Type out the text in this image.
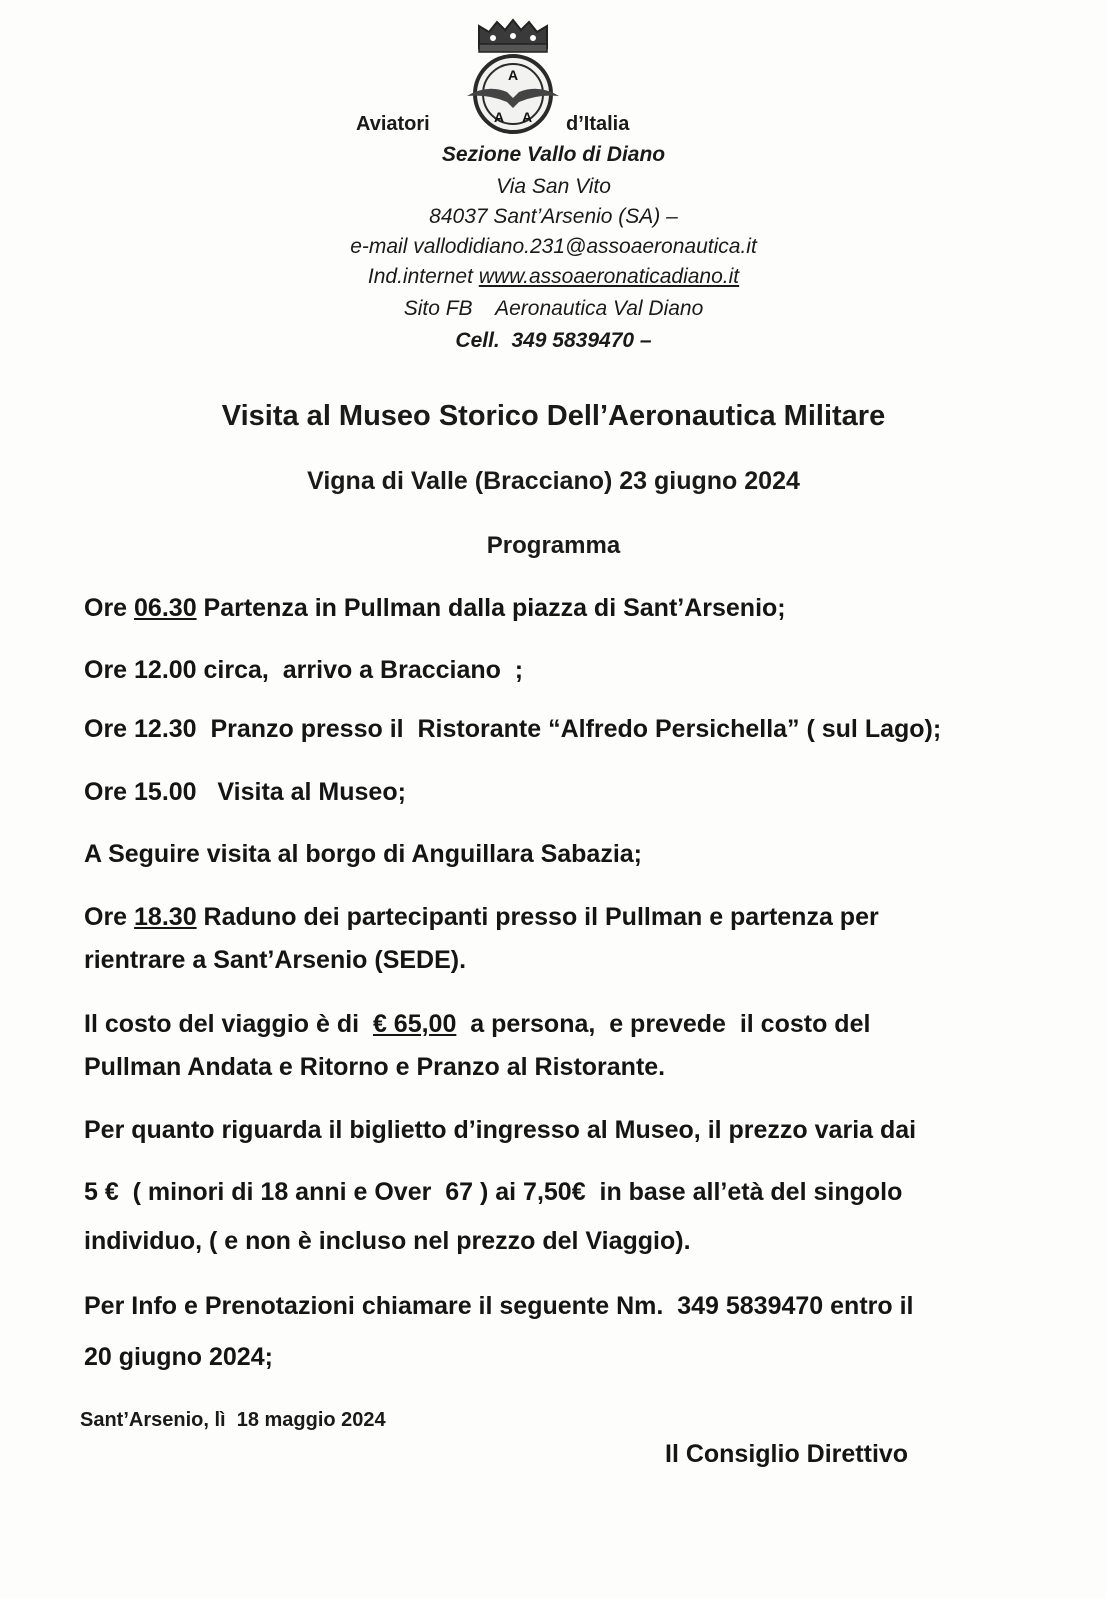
A
A A
Aviatori	d’Italia
Sezione Vallo di Diano
Via San Vito
84037 Sant’Arsenio (SA) –
e-mail vallodidiano.231@assoaeronautica.it
Ind.internet www.assoaeronaticadiano.it
Sito FB Aeronautica Val Diano
Cell. 349 5839470 –
Visita al Museo Storico Dell’Aeronautica Militare
Vigna di Valle (Bracciano) 23 giugno 2024
Programma
Ore 06.30 Partenza in Pullman dalla piazza di Sant’Arsenio;
Ore 12.00 circa,  arrivo a Bracciano  ;
Ore 12.30  Pranzo presso il  Ristorante “Alfredo Persichella” ( sul Lago);
Ore 15.00   Visita al Museo;
A Seguire visita al borgo di Anguillara Sabazia;
Ore 18.30 Raduno dei partecipanti presso il Pullman e partenza per
rientrare a Sant’Arsenio (SEDE).
Il costo del viaggio è di  € 65,00  a persona,  e prevede  il costo del
Pullman Andata e Ritorno e Pranzo al Ristorante.
Per quanto riguarda il biglietto d’ingresso al Museo, il prezzo varia dai
5 €  ( minori di 18 anni e Over  67 ) ai 7,50€  in base all’età del singolo
individuo, ( e non è incluso nel prezzo del Viaggio).
Per Info e Prenotazioni chiamare il seguente Nm.  349 5839470 entro il
20 giugno 2024;
Sant’Arsenio, lì  18 maggio 2024
Il Consiglio Direttivo
